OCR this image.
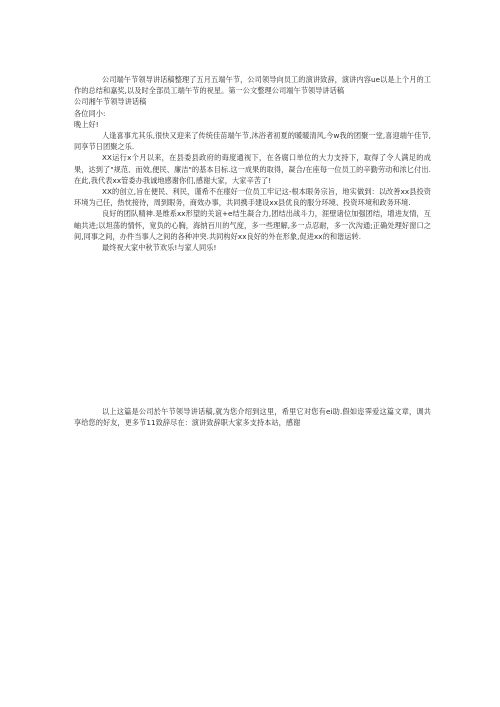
公司端午节领导讲话稿整理了五月五端午节，公司领导向员工的演讲致辞，演讲内容ue以是上个月的工作的总结和嘉奖,以及时全部员工端午节的祝星。第一公文整理公司端午节领导讲话稿

公司湘午节领导讲话稿

各位同小:

晚上好!

人逢喜事尤其乐,很快又迎来了传统佳苗端午节,沐浴者初夏的暖暖清风,今w我的团聚一堂,喜迎端午佳节,同享节日团聚之乐.

XX运行x个月以来，在县委县政府的诲度通视下，在各腐口单位的大力支持下，取得了令人满足的成果，达到了"规范、而效,便民、廉洁"的基本目标.这一成果的取得，凝合/在座每一位员工的辛勤劳动和浓匕付出.在此,我代表xx管委办我诚地感谢你们,感谢大家，大家辛苦了!

XX的创立,旨在便民、利民，谨希不在瘗好一位员工牢记这-根本眼务宗旨，地实做到：以改善xx县投资环境为己任，热忱接待，周到眼务，商效办事，共同携手建设xx县优良的服分环境、投资环境和政务环境.

良好的团队精神.是维系xx形望的关谊+e结生凝合力,团结出战斗力，涯壁诸位加强团结，增进友情，互岫共进;以坦荡的情怀，宽负的心胸，海纳百川的气度，多一些理解,多一点忍耐，多一次沟通;正确处理好窗口之间,同事之间，办件当事人之间的各种冲突.共同构好xx良好的外在形象,促进xx的和谐运转.

最终祝大家中秋节欢乐!与家人同乐!

以上这篇是公司於午节领导讲话稿,就为您介绍到这里，希里它对您有ei助.假如迩霁爱这篇文章，调共享给您的好友，更多节11致辞尽在：演讲致辞职大家多支持本站，感谢
